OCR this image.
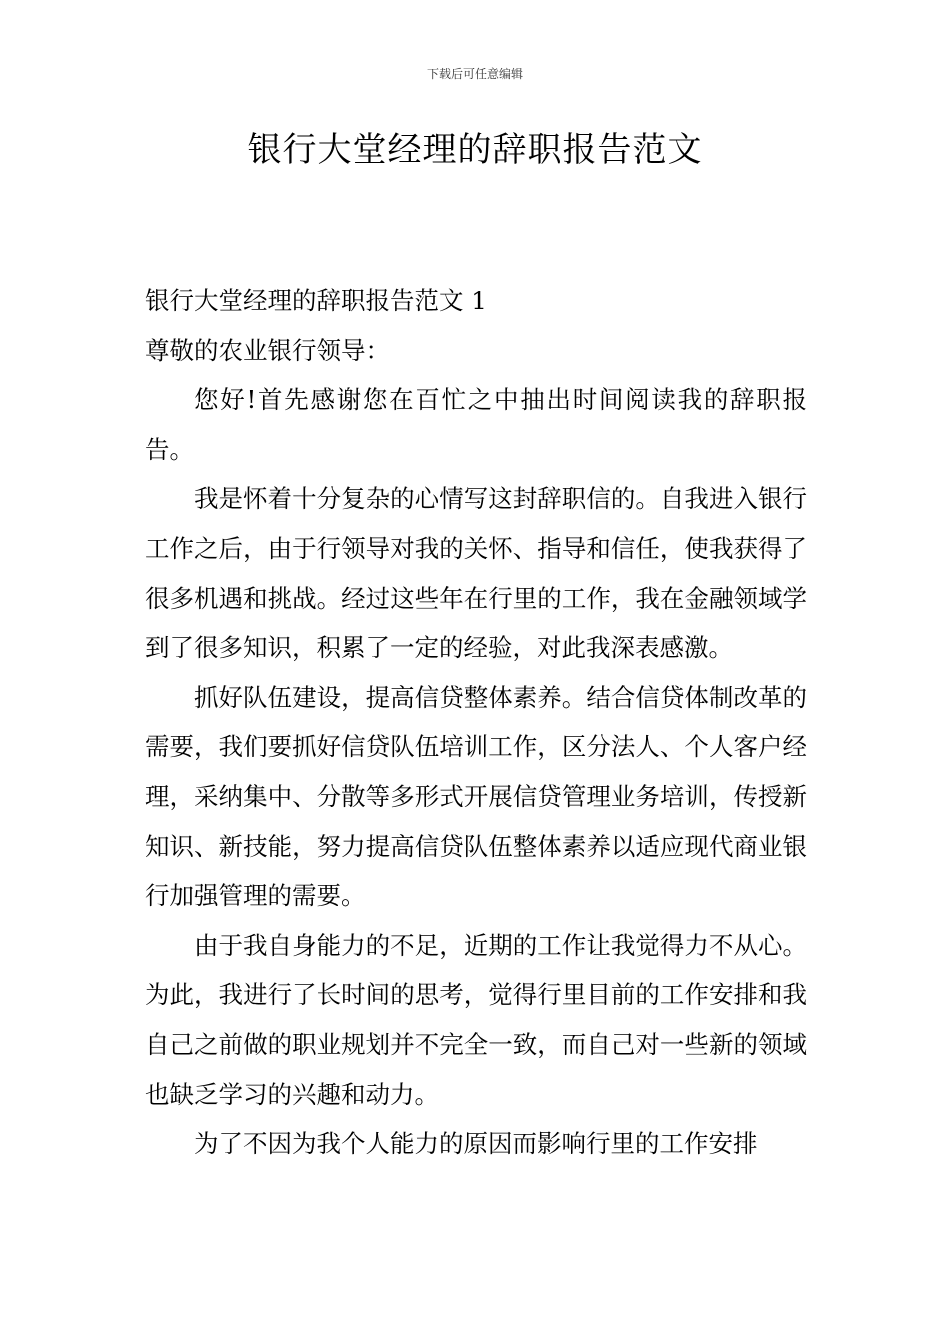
下载后可任意编辑
银行大堂经理的辞职报告范文

银行大堂经理的辞职报告范文 1

尊敬的农业银行领导：

您好!首先感谢您在百忙之中抽出时间阅读我的辞职报告。

我是怀着十分复杂的心情写这封辞职信的。自我进入银行工作之后，由于行领导对我的关怀、指导和信任，使我获得了很多机遇和挑战。经过这些年在行里的工作，我在金融领域学到了很多知识，积累了一定的经验，对此我深表感激。

抓好队伍建设，提高信贷整体素养。结合信贷体制改革的需要，我们要抓好信贷队伍培训工作，区分法人、个人客户经理，采纳集中、分散等多形式开展信贷管理业务培训，传授新知识、新技能，努力提高信贷队伍整体素养以适应现代商业银行加强管理的需要。

由于我自身能力的不足，近期的工作让我觉得力不从心。为此，我进行了长时间的思考，觉得行里目前的工作安排和我自己之前做的职业规划并不完全一致，而自己对一些新的领域也缺乏学习的兴趣和动力。

为了不因为我个人能力的原因而影响行里的工作安排
